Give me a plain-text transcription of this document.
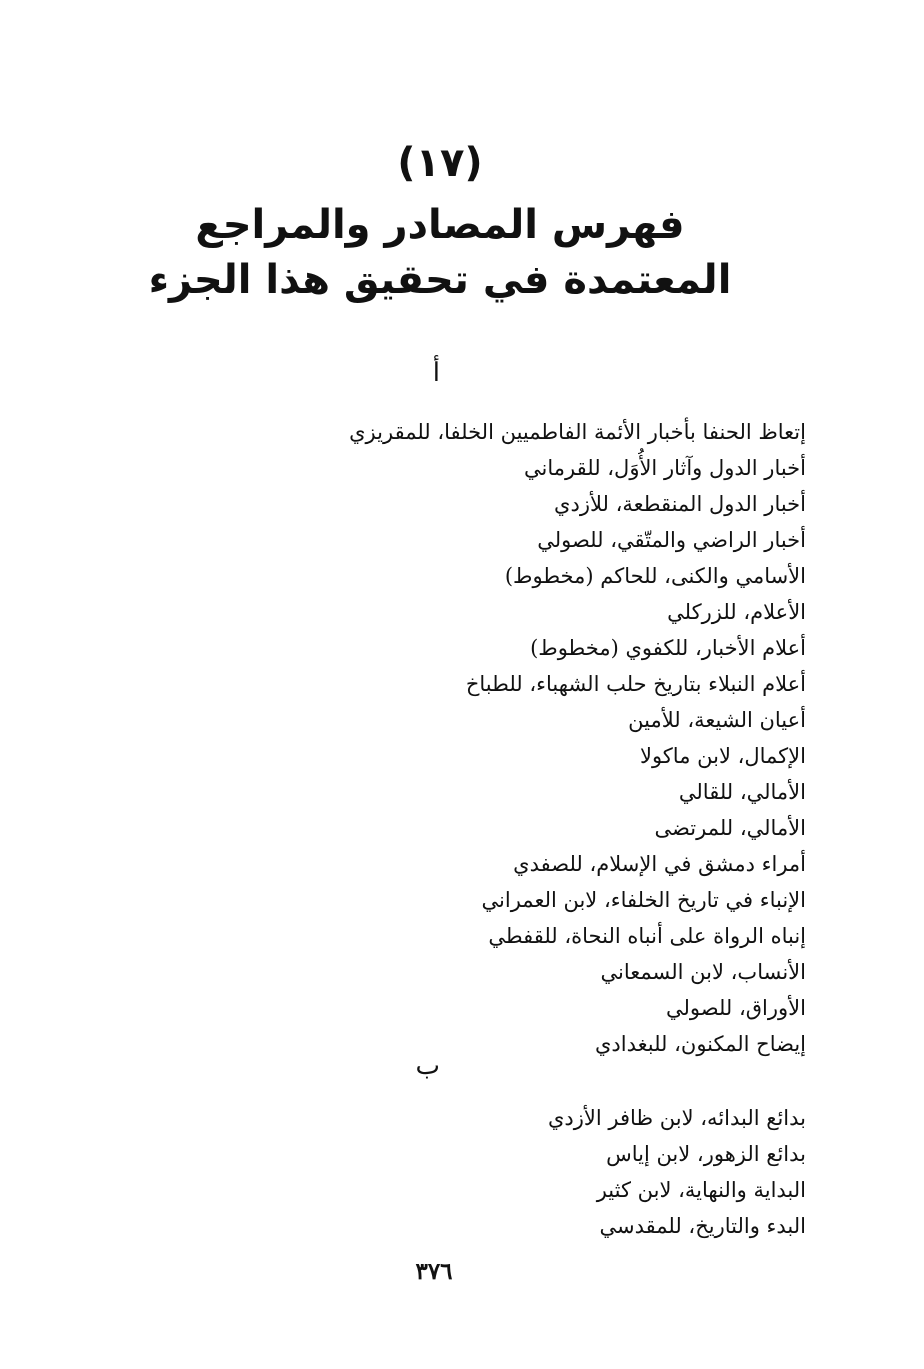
(١٧)
فهرس المصادر والمراجع
المعتمدة في تحقيق هذا الجزء
أ
إتعاظ الحنفا بأخبار الأئمة الفاطميين الخلفا، للمقريزي
أخبار الدول وآثار الأُوَل، للقرماني
أخبار الدول المنقطعة، للأزدي
أخبار الراضي والمتّقي، للصولي
الأسامي والكنى، للحاكم (مخطوط)
الأعلام، للزركلي
أعلام الأخبار، للكفوي (مخطوط)
أعلام النبلاء بتاريخ حلب الشهباء، للطباخ
أعيان الشيعة، للأمين
الإكمال، لابن ماكولا
الأمالي، للقالي
الأمالي، للمرتضى
أمراء دمشق في الإسلام، للصفدي
الإنباء في تاريخ الخلفاء، لابن العمراني
إنباه الرواة على أنباه النحاة، للقفطي
الأنساب، لابن السمعاني
الأوراق، للصولي
إيضاح المكنون، للبغدادي
ب
بدائع البدائه، لابن ظافر الأزدي
بدائع الزهور، لابن إياس
البداية والنهاية، لابن كثير
البدء والتاريخ، للمقدسي
٣٧٦
